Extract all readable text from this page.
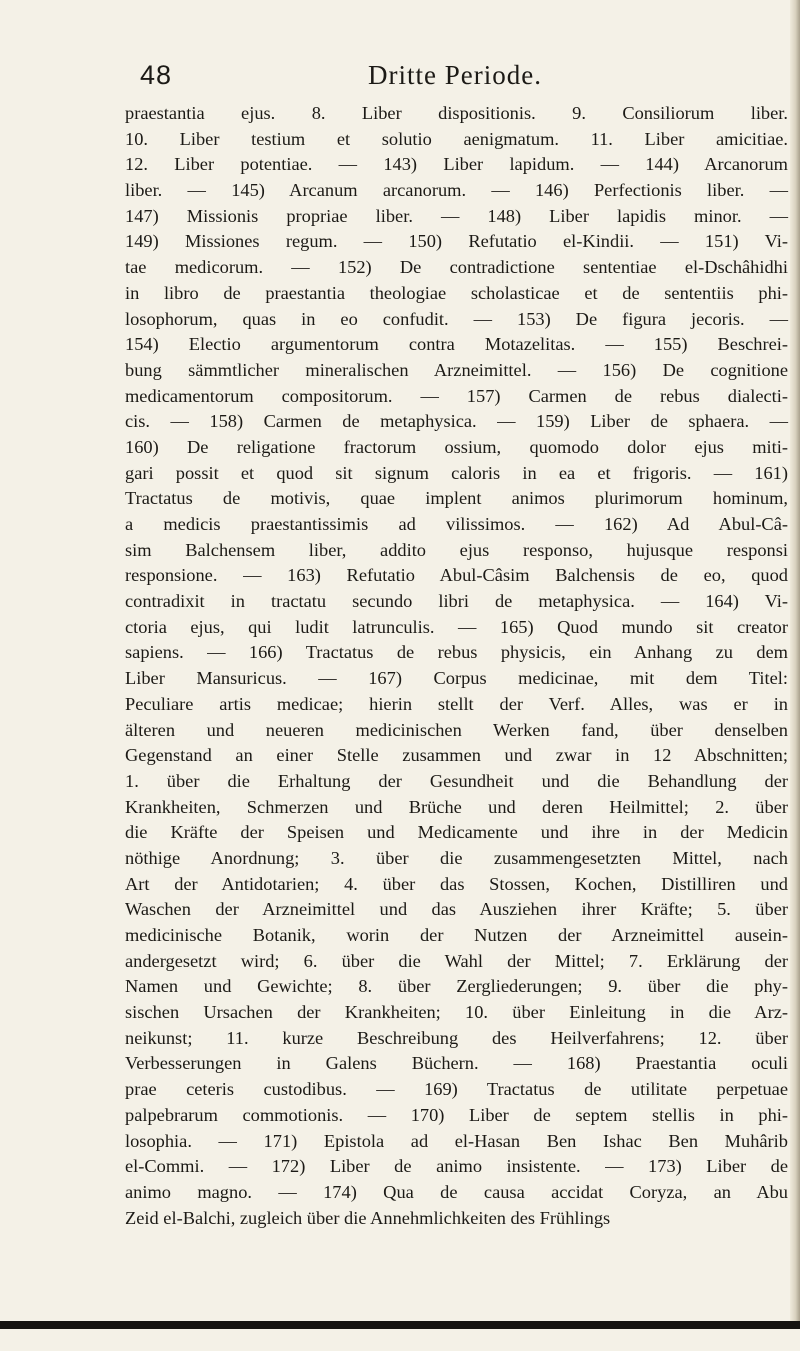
48	Dritte Periode.
praestantia ejus. 8. Liber dispositionis. 9. Consiliorum liber.
10. Liber testium et solutio aenigmatum. 11. Liber amicitiae.
12. Liber potentiae. — 143) Liber lapidum. — 144) Arcanorum
liber. — 145) Arcanum arcanorum. — 146) Perfectionis liber. —
147) Missionis propriae liber. — 148) Liber lapidis minor. —
149) Missiones regum. — 150) Refutatio el-Kindii. — 151) Vi-
tae medicorum. — 152) De contradictione sententiae el-Dschâhidhi
in libro de praestantia theologiae scholasticae et de sententiis phi-
losophorum, quas in eo confudit. — 153) De figura jecoris. —
154) Electio argumentorum contra Motazelitas. — 155) Beschrei-
bung sämmtlicher mineralischen Arzneimittel. — 156) De cognitione
medicamentorum compositorum. — 157) Carmen de rebus dialecti-
cis. — 158) Carmen de metaphysica. — 159) Liber de sphaera. —
160) De religatione fractorum ossium, quomodo dolor ejus miti-
gari possit et quod sit signum caloris in ea et frigoris. — 161)
Tractatus de motivis, quae implent animos plurimorum hominum,
a medicis praestantissimis ad vilissimos. — 162) Ad Abul-Câ-
sim Balchensem liber, addito ejus responso, hujusque responsi
responsione. — 163) Refutatio Abul-Câsim Balchensis de eo, quod
contradixit in tractatu secundo libri de metaphysica. — 164) Vi-
ctoria ejus, qui ludit latrunculis. — 165) Quod mundo sit creator
sapiens. — 166) Tractatus de rebus physicis, ein Anhang zu dem
Liber Mansuricus. — 167) Corpus medicinae, mit dem Titel:
Peculiare artis medicae; hierin stellt der Verf. Alles, was er in
älteren und neueren medicinischen Werken fand, über denselben
Gegenstand an einer Stelle zusammen und zwar in 12 Abschnitten;
1. über die Erhaltung der Gesundheit und die Behandlung der
Krankheiten, Schmerzen und Brüche und deren Heilmittel; 2. über
die Kräfte der Speisen und Medicamente und ihre in der Medicin
nöthige Anordnung; 3. über die zusammengesetzten Mittel, nach
Art der Antidotarien; 4. über das Stossen, Kochen, Distilliren und
Waschen der Arzneimittel und das Ausziehen ihrer Kräfte; 5. über
medicinische Botanik, worin der Nutzen der Arzneimittel ausein-
andergesetzt wird; 6. über die Wahl der Mittel; 7. Erklärung der
Namen und Gewichte; 8. über Zergliederungen; 9. über die phy-
sischen Ursachen der Krankheiten; 10. über Einleitung in die Arz-
neikunst; 11. kurze Beschreibung des Heilverfahrens; 12. über
Verbesserungen in Galens Büchern. — 168) Praestantia oculi
prae ceteris custodibus. — 169) Tractatus de utilitate perpetuae
palpebrarum commotionis. — 170) Liber de septem stellis in phi-
losophia. — 171) Epistola ad el-Hasan Ben Ishac Ben Muhârib
el-Commi. — 172) Liber de animo insistente. — 173) Liber de
animo magno. — 174) Qua de causa accidat Coryza, an Abu
Zeid el-Balchi, zugleich über die Annehmlichkeiten des Frühlings
